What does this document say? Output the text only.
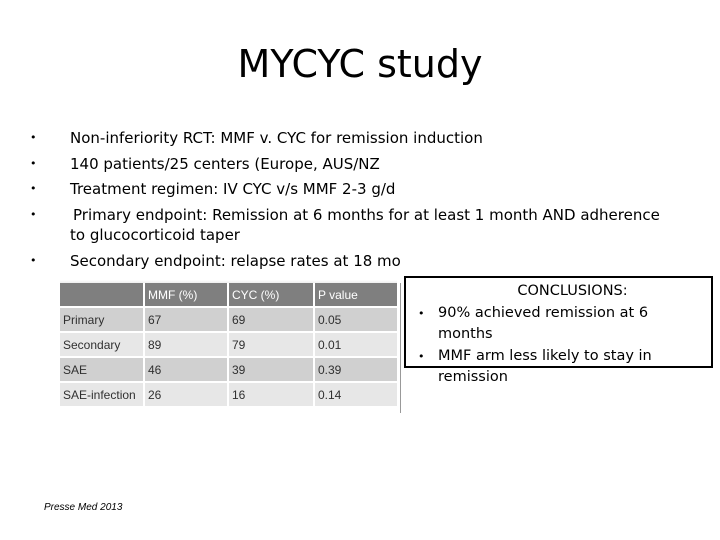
MYCYC study
• Non-inferiority RCT: MMF v. CYC for remission induction
• 140 patients/25 centers (Europe, AUS/NZ
• Treatment regimen: IV CYC v/s MMF 2-3 g/d
• Primary endpoint: Remission at 6 months for at least 1 month AND adherence to glucocorticoid taper
• Secondary endpoint: relapse rates at 18 mo
	MMF (%)	CYC (%)	P value
Primary	67	69	0.05
Secondary	89	79	0.01
SAE	46	39	0.39
SAE-infection	26	16	0.14

CONCLUSIONS:

• 90% achieved remission at 6 months
• MMF arm less likely to stay in remission
Presse Med 2013
